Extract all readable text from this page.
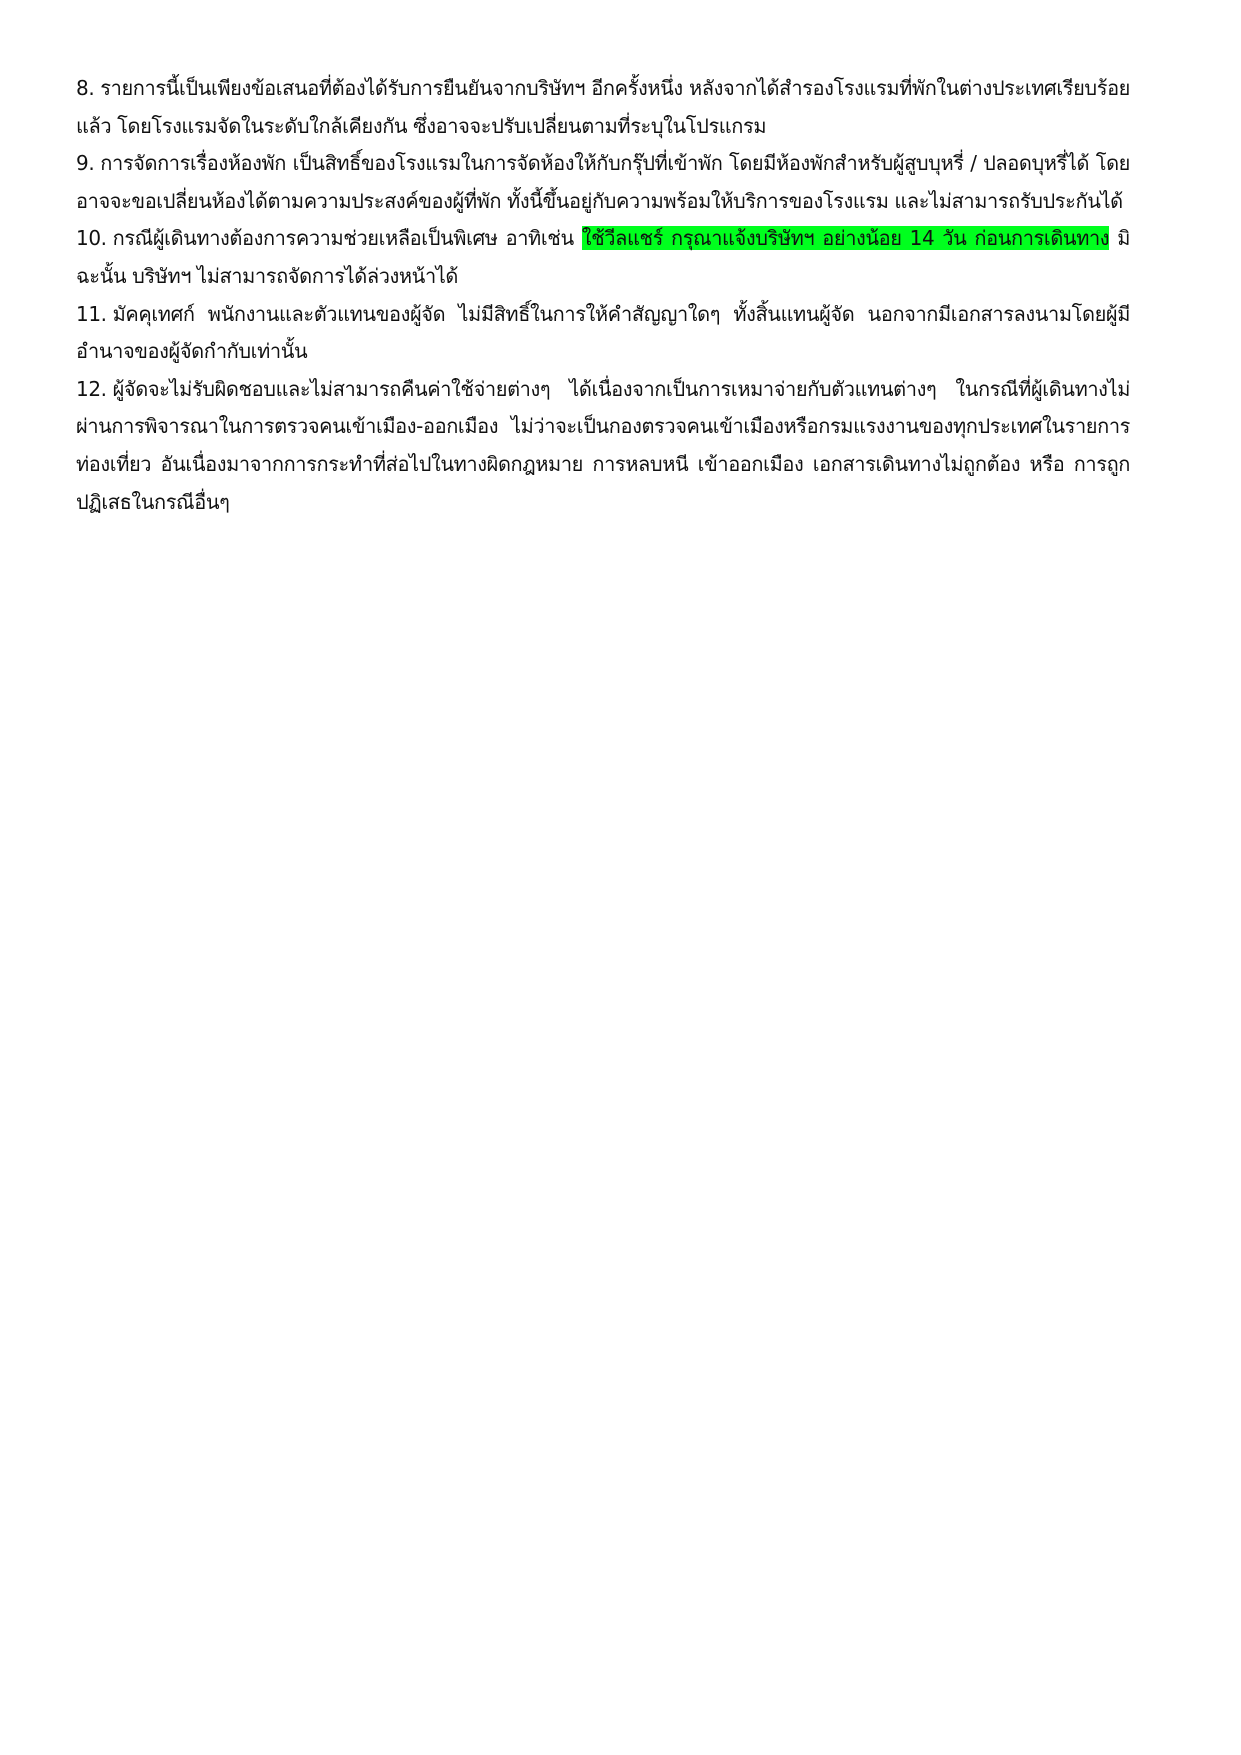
8. รายการนี้เป็นเพียงข้อเสนอที่ต้องได้รับการยืนยันจากบริษัทฯ อีกครั้งหนึ่ง หลังจากได้สำรองโรงแรมที่พักในต่างประเทศเรียบร้อยแล้ว โดยโรงแรมจัดในระดับใกล้เคียงกัน ซึ่งอาจจะปรับเปลี่ยนตามที่ระบุในโปรแกรม

9. การจัดการเรื่องห้องพัก เป็นสิทธิ์ของโรงแรมในการจัดห้องให้กับกรุ๊ปที่เข้าพัก โดยมีห้องพักสำหรับผู้สูบบุหรี่ / ปลอดบุหรี่ได้ โดยอาจจะขอเปลี่ยนห้องได้ตามความประสงค์ของผู้ที่พัก ทั้งนี้ขึ้นอยู่กับความพร้อมให้บริการของโรงแรม และไม่สามารถรับประกันได้

10. กรณีผู้เดินทางต้องการความช่วยเหลือเป็นพิเศษ อาทิเช่น ใช้วีลแชร์ กรุณาแจ้งบริษัทฯ อย่างน้อย 14 วัน ก่อนการเดินทาง มิฉะนั้น บริษัทฯ ไม่สามารถจัดการได้ล่วงหน้าได้

11. มัคคุเทศก์ พนักงานและตัวแทนของผู้จัด ไม่มีสิทธิ์ในการให้คำสัญญาใดๆ ทั้งสิ้นแทนผู้จัด นอกจากมีเอกสารลงนามโดยผู้มีอำนาจของผู้จัดกำกับเท่านั้น

12. ผู้จัดจะไม่รับผิดชอบและไม่สามารถคืนค่าใช้จ่ายต่างๆ ได้เนื่องจากเป็นการเหมาจ่ายกับตัวแทนต่างๆ ในกรณีที่ผู้เดินทางไม่ผ่านการพิจารณาในการตรวจคนเข้าเมือง-ออกเมือง ไม่ว่าจะเป็นกองตรวจคนเข้าเมืองหรือกรมแรงงานของทุกประเทศในรายการท่องเที่ยว อันเนื่องมาจากการกระทำที่ส่อไปในทางผิดกฎหมาย การหลบหนี เข้าออกเมือง เอกสารเดินทางไม่ถูกต้อง หรือ การถูกปฏิเสธในกรณีอื่นๆ
